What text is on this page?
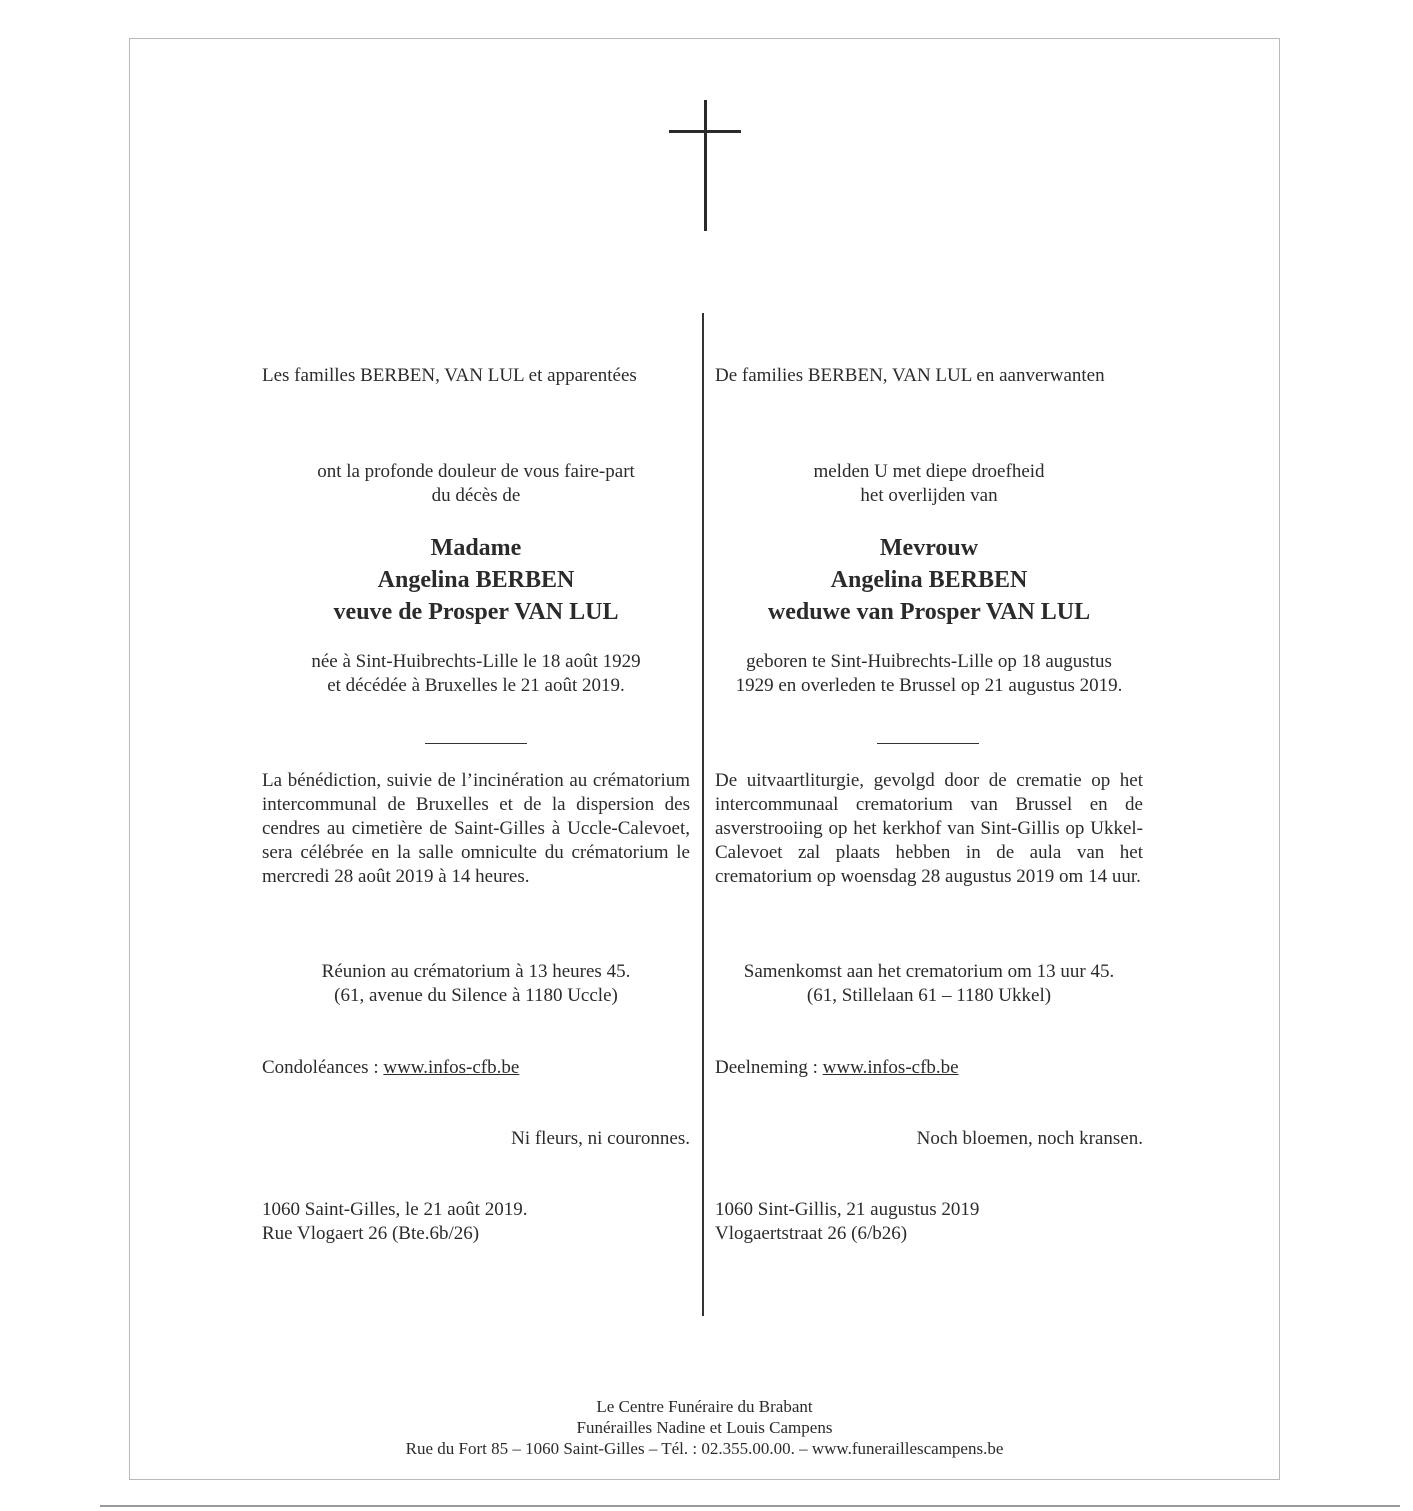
Les familles BERBEN, VAN LUL et apparentées

ont la profonde douleur de vous faire-part
du décès de
Madame
Angelina BERBEN
veuve de Prosper VAN LUL
née à Sint-Huibrechts-Lille le 18 août 1929
et décédée à Bruxelles le 21 août 2019.

La bénédiction, suivie de l’incinération au crématorium intercommunal de Bruxelles et de la dispersion des cendres au cimetière de Saint-Gilles à Uccle-Calevoet, sera célébrée en la salle omniculte du crématorium le mercredi 28 août 2019 à 14 heures.

Réunion au crématorium à 13 heures 45.
(61, avenue du Silence à 1180 Uccle)

Condoléances : www.infos-cfb.be

Ni fleurs, ni couronnes.

1060 Saint-Gilles, le 21 août 2019.
Rue Vlogaert 26 (Bte.6b/26)

De families BERBEN, VAN LUL en aanverwanten

melden U met diepe droefheid
het overlijden van
Mevrouw
Angelina BERBEN
weduwe van Prosper VAN LUL
geboren te Sint-Huibrechts-Lille op 18 augustus
1929 en overleden te Brussel op 21 augustus 2019.

De uitvaartliturgie, gevolgd door de crematie op het intercommunaal crematorium van Brussel en de asverstrooiing op het kerkhof van Sint-Gillis op Ukkel-Calevoet zal plaats hebben in de aula van het crematorium op woensdag 28 augustus 2019 om 14 uur.

Samenkomst aan het crematorium om 13 uur 45.
(61, Stillelaan 61 – 1180 Ukkel)

Deelneming : www.infos-cfb.be

Noch bloemen, noch kransen.

1060 Sint-Gillis, 21 augustus 2019
Vlogaertstraat 26 (6/b26)
Le Centre Funéraire du Brabant
Funérailles Nadine et Louis Campens
Rue du Fort 85 – 1060 Saint-Gilles – Tél. : 02.355.00.00. – www.funeraillescampens.be
